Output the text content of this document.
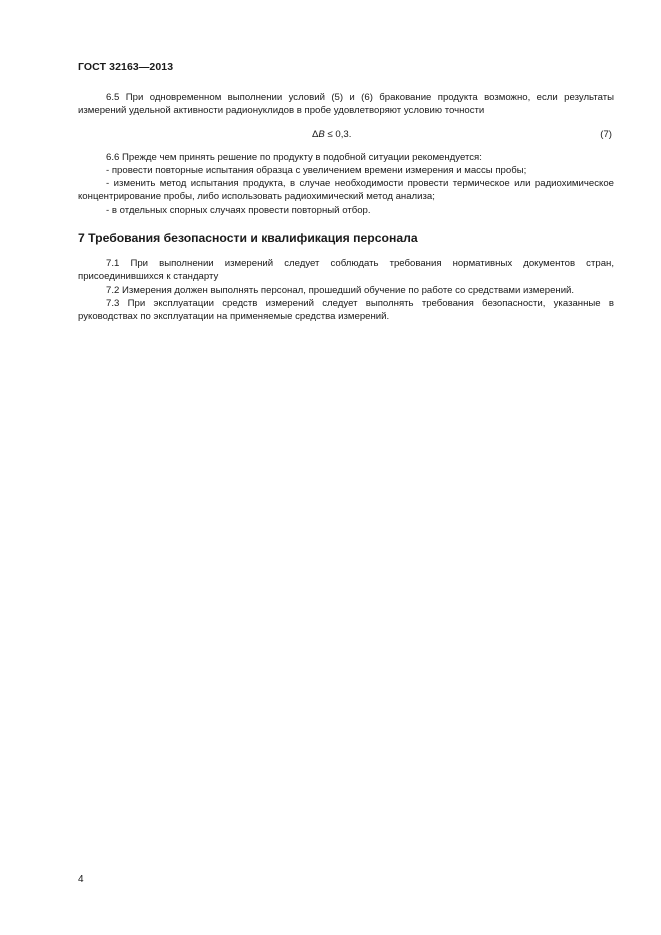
ГОСТ 32163—2013

6.5 При одновременном выполнении условий (5) и (6) бракование продукта возможно, если результаты измерений удельной активности радионуклидов в пробе удовлетворяют условию точности

ΔB ≤ 0,3.	(7)

6.6 Прежде чем принять решение по продукту в подобной ситуации рекомендуется:

- провести повторные испытания образца с увеличением времени измерения и массы пробы;

- изменить метод испытания продукта, в случае необходимости провести термическое или радиохимическое концентрирование пробы, либо использовать радиохимический метод анализа;

- в отдельных спорных случаях провести повторный отбор.

7 Требования безопасности и квалификация персонала

7.1 При выполнении измерений следует соблюдать требования нормативных документов стран, присоединившихся к стандарту

7.2 Измерения должен выполнять персонал, прошедший обучение по работе со средствами измерений.

7.3 При эксплуатации средств измерений следует выполнять требования безопасности, указанные в руководствах по эксплуатации на применяемые средства измерений.

4
